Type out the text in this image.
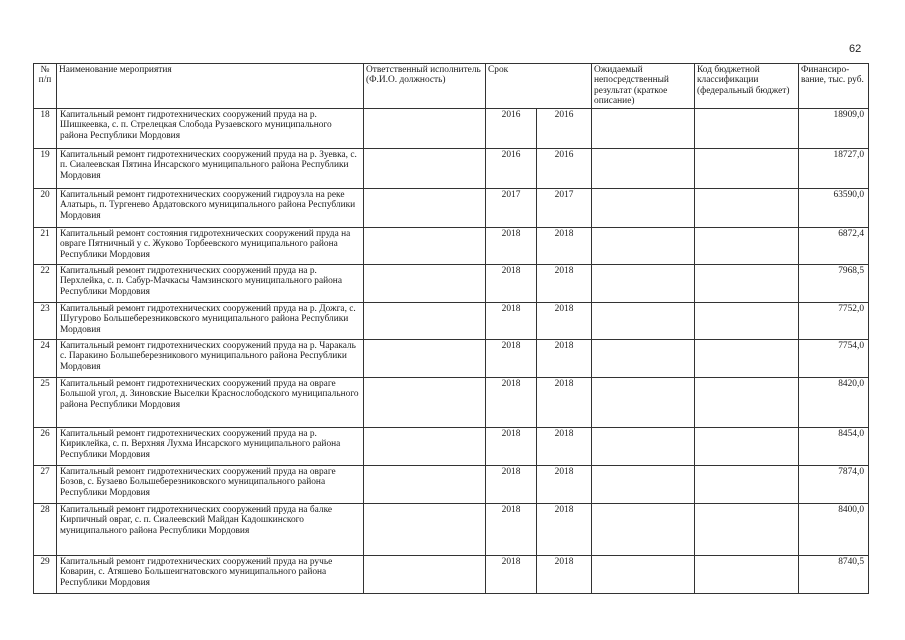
62
№ п/п	Наименование мероприятия	Ответственный исполнитель (Ф.И.О. должность)	Срок		Ожидаемый непосредственный результат (краткое описание)	Код бюджетной классификации (федеральный бюджет)	Финансиро-вание, тыс. руб.
18	Капитальный ремонт гидротехнических сооружений пруда на р. Шишкеевка, с. п. Стрелецкая Слобода Рузаевского муниципального района Республики Мордовия		2016	2016			18909,0
19	Капитальный ремонт гидротехнических сооружений пруда на р. Зуевка, с. п. Сиалеевская Пятина Инсарского муниципального района Республики Мордовия		2016	2016			18727,0
20	Капитальный ремонт гидротехнических сооружений гидроузла на реке Алатырь, п. Тургенево Ардатовского муниципального района Республики Мордовия		2017	2017			63590,0
21	Капитальный ремонт состояния гидротехнических сооружений пруда на овраге Пятничный у с. Жуково Торбеевского муниципального района Республики Мордовия		2018	2018			6872,4
22	Капитальный ремонт гидротехнических сооружений пруда на р. Перхлейка, с. п. Сабур-Мачкасы Чамзинского муниципального района Республики Мордовия		2018	2018			7968,5
23	Капитальный ремонт гидротехнических сооружений пруда на р. Дожга, с. Шугурово Большеберезниковского муниципального района Республики Мордовия		2018	2018			7752,0
24	Капитальный ремонт гидротехнических сооружений пруда на р. Чаракаль с. Паракино Большеберезникового муниципального района Республики Мордовия		2018	2018			7754,0
25	Капитальный ремонт гидротехнических сооружений пруда на овраге Большой угол, д. Зиновские Выселки Краснослободского муниципального района Республики Мордовия		2018	2018			8420,0
26	Капитальный ремонт гидротехнических сооружений пруда на р. Кириклейка, с. п. Верхняя Лухма Инсарского муниципального района Республики Мордовия		2018	2018			8454,0
27	Капитальный ремонт гидротехнических сооружений пруда на овраге Бозов, с. Бузаево Большеберезниковского муниципального района Республики Мордовия		2018	2018			7874,0
28	Капитальный ремонт гидротехнических сооружений пруда на балке Кирпичный овраг, с. п. Сиалеевский Майдан Кадошкинского муниципального района Республики Мордовия		2018	2018			8400,0
29	Капитальный ремонт гидротехнических сооружений пруда на ручье Коварин, с. Атяшево Большеигнатовского муниципального района Республики Мордовия		2018	2018			8740,5
